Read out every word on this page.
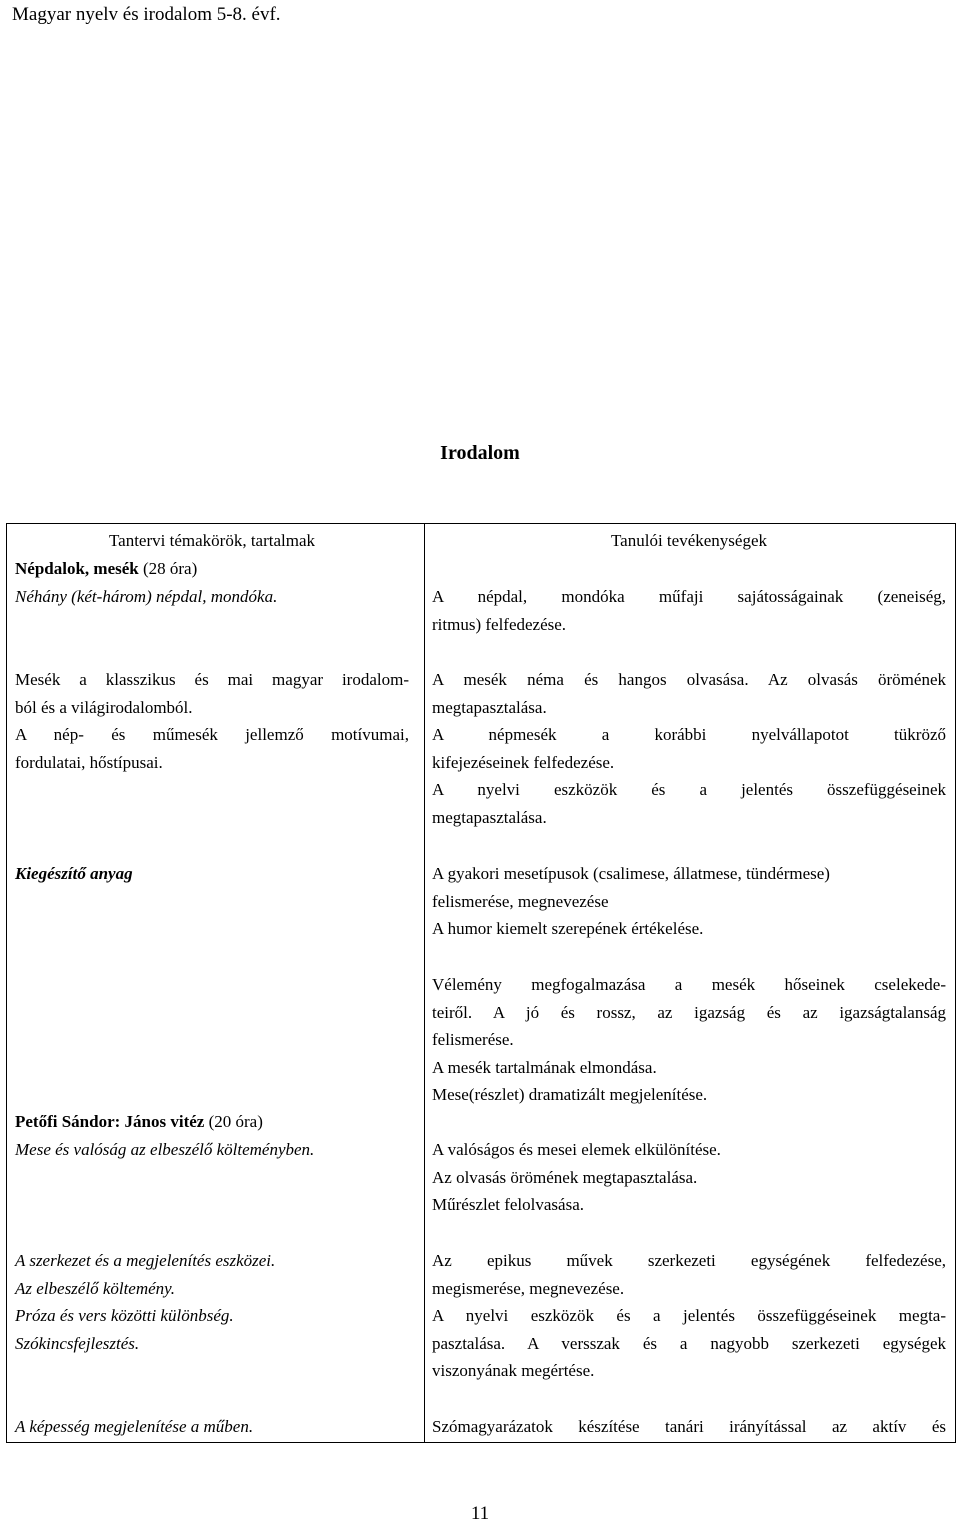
Magyar nyelv és irodalom 5-8. évf.
Irodalom
Tantervi témakörök, tartalmak
Népdalok, mesék (28 óra)
Néhány (két-három) népdal, mondóka.
Mesék a klasszikus és mai magyar irodalom-
ból és a világirodalomból.
A nép- és műmesék jellemző motívumai,
fordulatai, hőstípusai.
Kiegészítő anyag
Petőfi Sándor: János vitéz (20 óra)
Mese és valóság az elbeszélő költeményben.
A szerkezet és a megjelenítés eszközei.
Az elbeszélő költemény.
Próza és vers közötti különbség.
Szókincsfejlesztés.
A képesség megjelenítése a műben.
Tanulói tevékenységek
A népdal, mondóka műfaji sajátosságainak (zeneiség,
ritmus) felfedezése.
A mesék néma és hangos olvasása. Az olvasás örömének
megtapasztalása.
A népmesék a korábbi nyelvállapotot tükröző
kifejezéseinek felfedezése.
A nyelvi eszközök és a jelentés összefüggéseinek
megtapasztalása.
A gyakori mesetípusok (csalimese, állatmese, tündérmese)
felismerése, megnevezése
A humor kiemelt szerepének értékelése.
Vélemény megfogalmazása a mesék hőseinek cselekede-
teiről. A jó és rossz, az igazság és az igazságtalanság
felismerése.
A mesék tartalmának elmondása.
Mese(részlet) dramatizált megjelenítése.
A valóságos és mesei elemek elkülönítése.
Az olvasás örömének megtapasztalása.
Műrészlet felolvasása.
Az epikus művek szerkezeti egységének felfedezése,
megismerése, megnevezése.
A nyelvi eszközök és a jelentés összefüggéseinek megta-
pasztalása. A versszak és a nagyobb szerkezeti egységek
viszonyának megértése.
Szómagyarázatok készítése tanári irányítással az aktív és
11
